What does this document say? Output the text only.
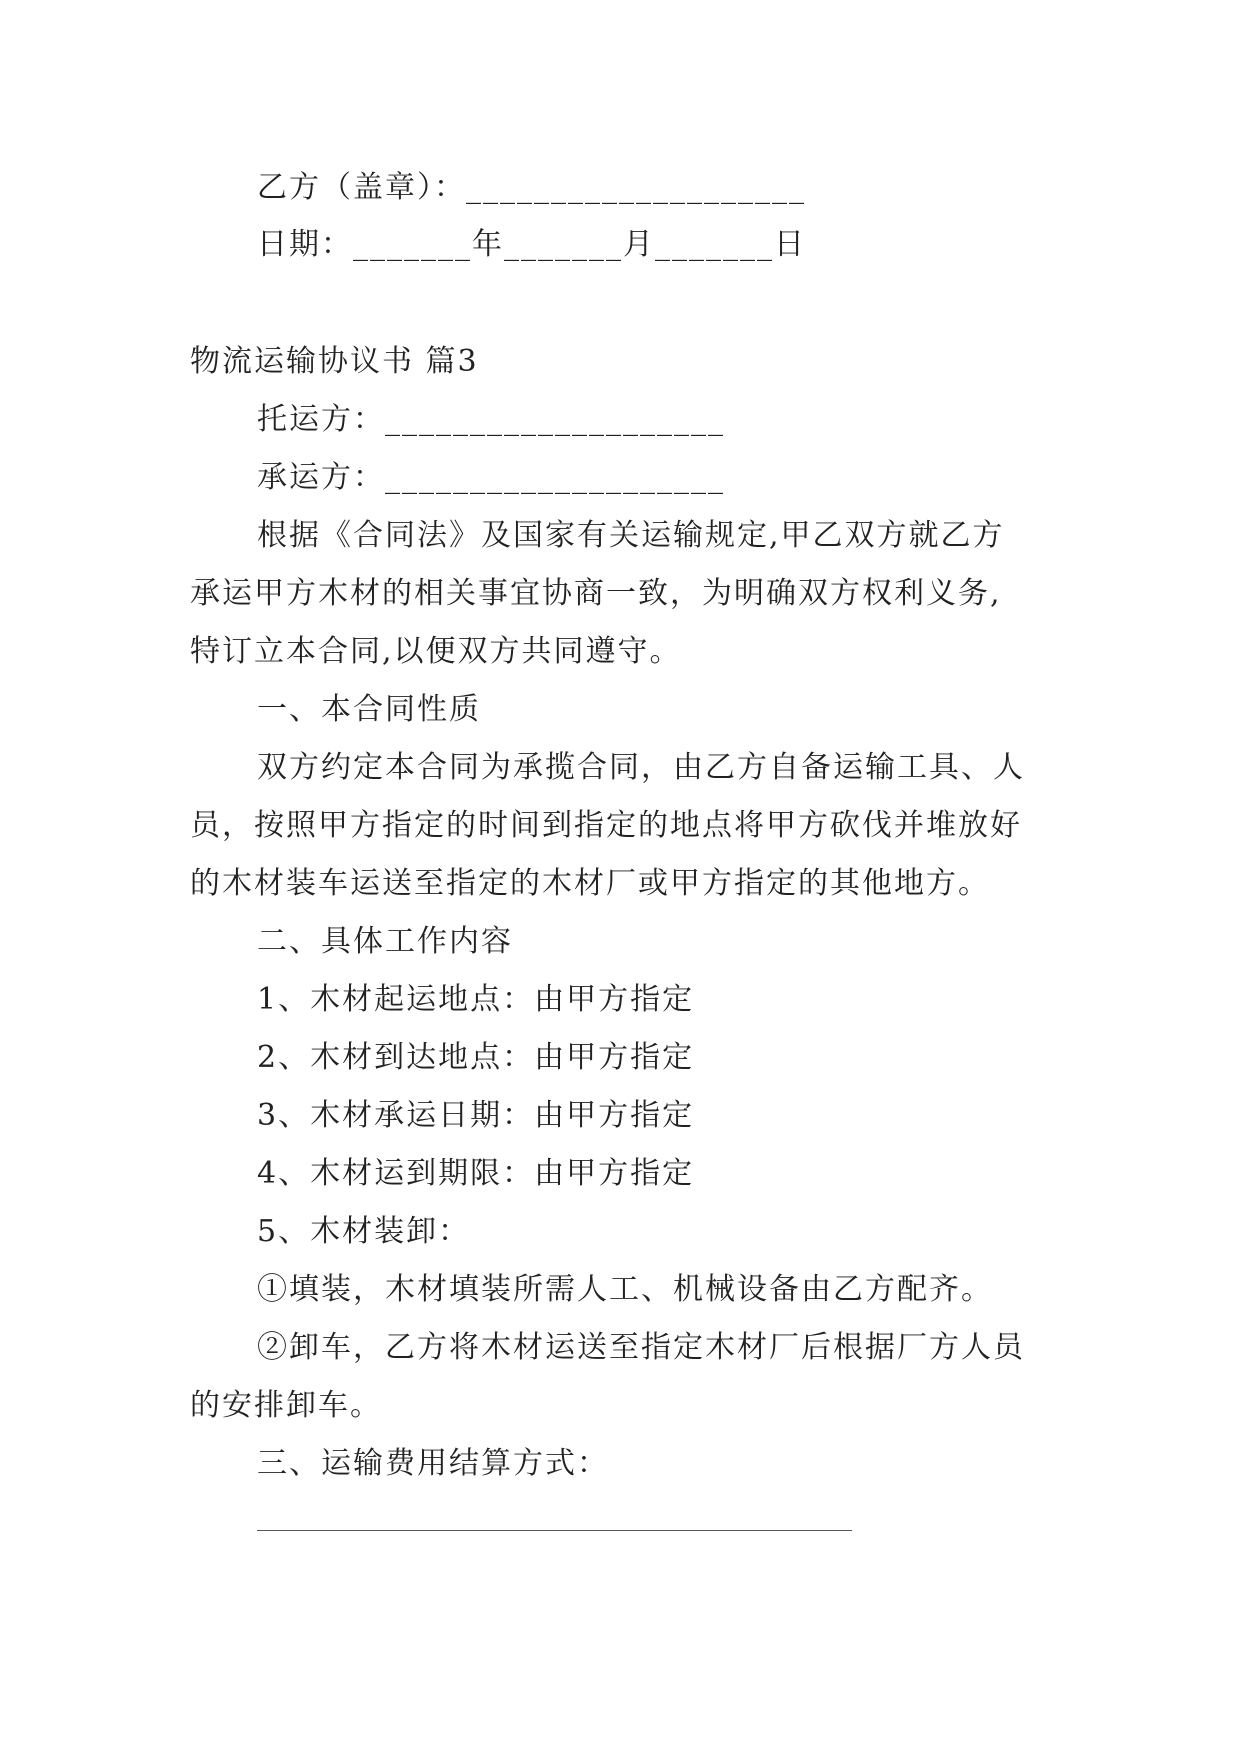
乙方（盖章）：____________________

日期：_______年_______月_______日

物流运输协议书 篇3

托运方：____________________

承运方：____________________

根据《合同法》及国家有关运输规定,甲乙双方就乙方

承运甲方木材的相关事宜协商一致，为明确双方权利义务,

特订立本合同,以便双方共同遵守。

一、本合同性质

双方约定本合同为承揽合同，由乙方自备运输工具、人

员，按照甲方指定的时间到指定的地点将甲方砍伐并堆放好

的木材装车运送至指定的木材厂或甲方指定的其他地方。

二、具体工作内容

1、木材起运地点：由甲方指定

2、木材到达地点：由甲方指定

3、木材承运日期：由甲方指定

4、木材运到期限：由甲方指定

5、木材装卸：

①填装，木材填装所需人工、机械设备由乙方配齐。

②卸车，乙方将木材运送至指定木材厂后根据厂方人员

的安排卸车。

三、运输费用结算方式：
